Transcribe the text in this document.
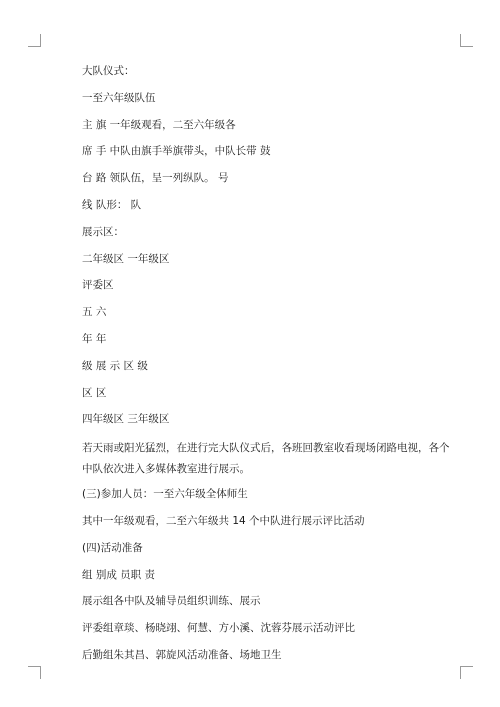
大队仪式：
一至六年级队伍
主 旗 一年级观看，二至六年级各
席 手 中队由旗手举旗带头，中队长带 鼓
台 路 领队伍，呈一列纵队。 号
线 队形： 队
展示区：
二年级区 一年级区
评委区
五 六
年 年
级 展 示 区 级
区 区
四年级区 三年级区
若天雨或阳光猛烈，在进行完大队仪式后，各班回教室收看现场闭路电视，各个中队依次进入多媒体教室进行展示。
(三)参加人员：一至六年级全体师生
其中一年级观看，二至六年级共 14 个中队进行展示评比活动
(四)活动准备
组 别成 员职 责
展示组各中队及辅导员组织训练、展示
评委组章琰、杨晓翊、何慧、方小溪、沈蓉芬展示活动评比
后勤组朱其昌、郭旋风活动准备、场地卫生
